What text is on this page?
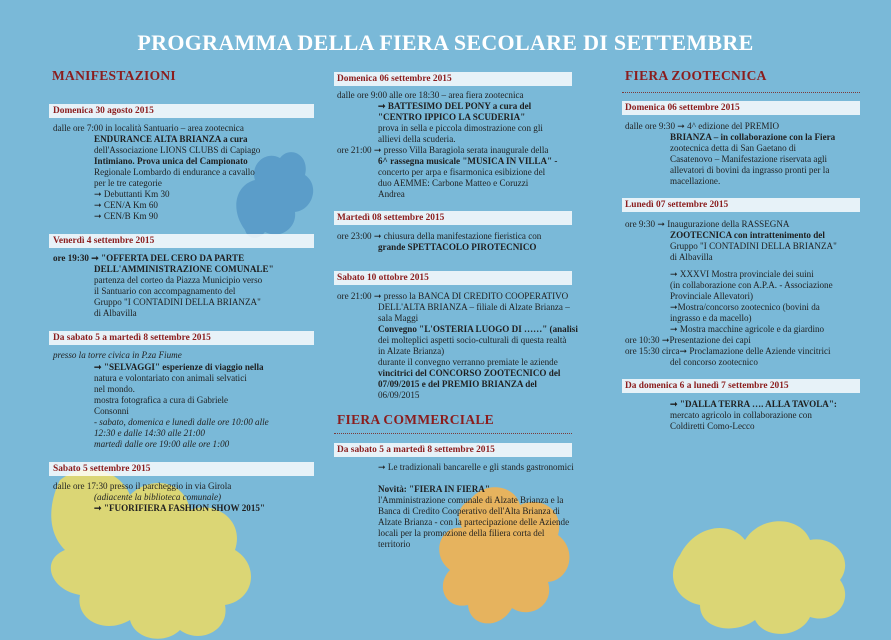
PROGRAMMA DELLA FIERA SECOLARE DI SETTEMBRE
MANIFESTAZIONI
Domenica 30 agosto 2015
dalle ore 7:00 in località Santuario – area zootecnica
ENDURANCE ALTA BRIANZA a cura
dell'Associazione LIONS CLUBS di Capiago
Intimiano. Prova unica del Campionato
Regionale Lombardo di endurance a cavallo
per le tre categorie
➞ Debuttanti Km 30
➞ CEN/A Km 60
➞ CEN/B Km 90
Venerdì 4 settembre 2015
ore 19:30 ➞ "OFFERTA DEL CERO DA PARTE
DELL'AMMINISTRAZIONE COMUNALE"
partenza del corteo da Piazza Municipio verso
il Santuario con accompagnamento del
Gruppo "I CONTADINI DELLA BRIANZA"
di Albavilla
Da sabato 5 a martedì 8 settembre 2015
presso la torre civica in P.za Fiume
➞ "SELVAGGI" esperienze di viaggio nella
natura e volontariato con animali selvatici
nel mondo.
mostra fotografica a cura di Gabriele
Consonni
- sabato, domenica e lunedì dalle ore 10:00 alle
12:30 e dalle 14:30 alle 21:00
martedì dalle ore 19:00 alle ore 1:00
Sabato 5 settembre 2015
dalle ore 17:30 presso il parcheggio in via Girola
(adiacente la biblioteca comunale)
➞ "FUORIFIERA FASHION SHOW 2015"
Domenica 06 settembre 2015
dalle ore 9:00 alle ore 18:30 – area fiera zootecnica
➞ BATTESIMO DEL PONY a cura del
"CENTRO IPPICO LA SCUDERIA"
prova in sella e piccola dimostrazione con gli
allievi della scuderia.
ore 21:00 ➞ presso Villa Baragiola serata inaugurale della
6^ rassegna musicale "MUSICA IN VILLA" -
concerto per arpa e fisarmonica esibizione del
duo AEMME: Carbone Matteo e Coruzzi
Andrea
Martedì 08 settembre 2015
ore 23:00 ➞ chiusura della manifestazione fieristica con
grande SPETTACOLO PIROTECNICO
Sabato 10 ottobre 2015
ore 21:00 ➞ presso la BANCA DI CREDITO COOPERATIVO
DELL'ALTA BRIANZA – filiale di Alzate Brianza –
sala Maggi
Convegno "L'OSTERIA LUOGO DI ……" (analisi
dei molteplici aspetti socio-culturali di questa realtà
in Alzate Brianza)
durante il convegno verranno premiate le aziende
vincitrici del CONCORSO ZOOTECNICO del
07/09/2015 e del PREMIO BRIANZA del
06/09/2015
FIERA COMMERCIALE
Da sabato 5 a martedì 8 settembre 2015
➞ Le tradizionali bancarelle e gli stands gastronomici
Novità: "FIERA IN FIERA"
l'Amministrazione comunale di Alzate Brianza e la
Banca di Credito Cooperativo dell'Alta Brianza di
Alzate Brianza - con la partecipazione delle Aziende
locali per la promozione della filiera corta del
territorio
FIERA ZOOTECNICA
Domenica 06 settembre 2015
dalle ore 9:30 ➞ 4^ edizione del PREMIO
BRIANZA – in collaborazione con la Fiera
zootecnica detta di San Gaetano di
Casatenovo – Manifestazione riservata agli
allevatori di bovini da ingrasso pronti per la
macellazione.
Lunedì 07 settembre 2015
ore 9:30 ➞ Inaugurazione della RASSEGNA
ZOOTECNICA con intrattenimento del
Gruppo "I CONTADINI DELLA BRIANZA"
di Albavilla
➞ XXXVI Mostra provinciale dei suini
(in collaborazione con A.P.A. - Associazione
Provinciale Allevatori)
➞Mostra/concorso zootecnico (bovini da
ingrasso e da macello)
➞ Mostra macchine agricole e da giardino
ore 10:30 ➞Presentazione dei capi
ore 15:30 circa➞ Proclamazione delle Aziende vincitrici
del concorso zootecnico
Da domenica 6 a lunedì 7 settembre 2015
➞ "DALLA TERRA …. ALLA TAVOLA":
mercato agricolo in collaborazione con
Coldiretti Como-Lecco
